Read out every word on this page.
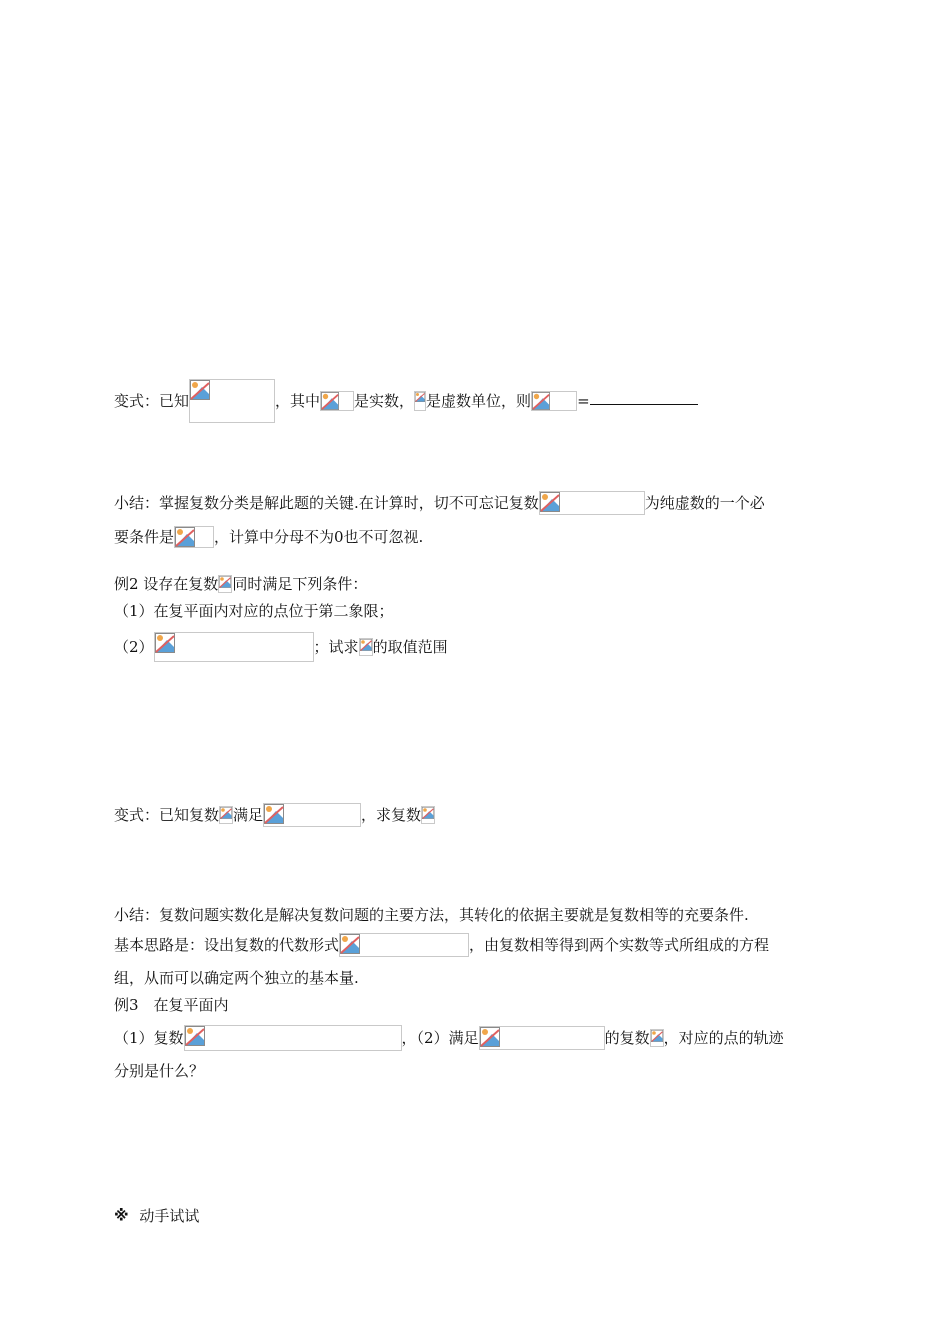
变式：已知	，其中 是实数， 是虚数单位，则	=
小结：掌握复数分类是解此题的关键.在计算时，切不可忘记复数	为纯虚数的一个必
要条件是	，计算中分母不为0也不可忽视.
例2 设存在复数 同时满足下列条件：
（1）在复平面内对应的点位于第二象限；
（2）	；试求 的取值范围
变式：已知复数 满足	，求复数
小结：复数问题实数化是解决复数问题的主要方法，其转化的依据主要就是复数相等的充要条件.
基本思路是：设出复数的代数形式	，由复数相等得到两个实数等式所组成的方程
组，从而可以确定两个独立的基本量.
例3　在复平面内
（1）复数	，（2）满足	的复数 ，对应的点的轨迹
分别是什么？
※ 动手试试
